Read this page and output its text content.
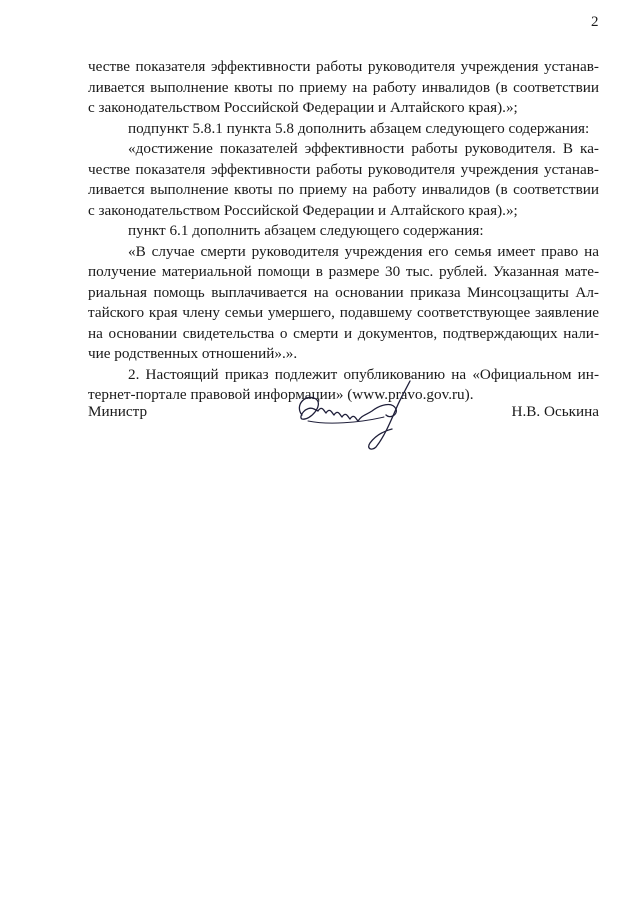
2
честве показателя эффективности работы руководителя учреждения устанав-
ливается выполнение квоты по приему на работу инвалидов (в соответствии
с законодательством Российской Федерации и Алтайского края).»;
подпункт 5.8.1 пункта 5.8 дополнить абзацем следующего содержания:
«достижение показателей эффективности работы руководителя. В ка-
честве показателя эффективности работы руководителя учреждения устанав-
ливается выполнение квоты по приему на работу инвалидов (в соответствии
с законодательством Российской Федерации и Алтайского края).»;
пункт 6.1 дополнить абзацем следующего содержания:
«В случае смерти руководителя учреждения его семья имеет право на
получение материальной помощи в размере 30 тыс. рублей. Указанная мате-
риальная помощь выплачивается на основании приказа Минсоцзащиты Ал-
тайского края члену семьи умершего, подавшему соответствующее заявление
на основании свидетельства о смерти и документов, подтверждающих нали-
чие родственных отношений».».
2. Настоящий приказ подлежит опубликованию на «Официальном ин-
тернет-портале правовой информации» (www.pravo.gov.ru).
Министр	Н.В. Оськина
